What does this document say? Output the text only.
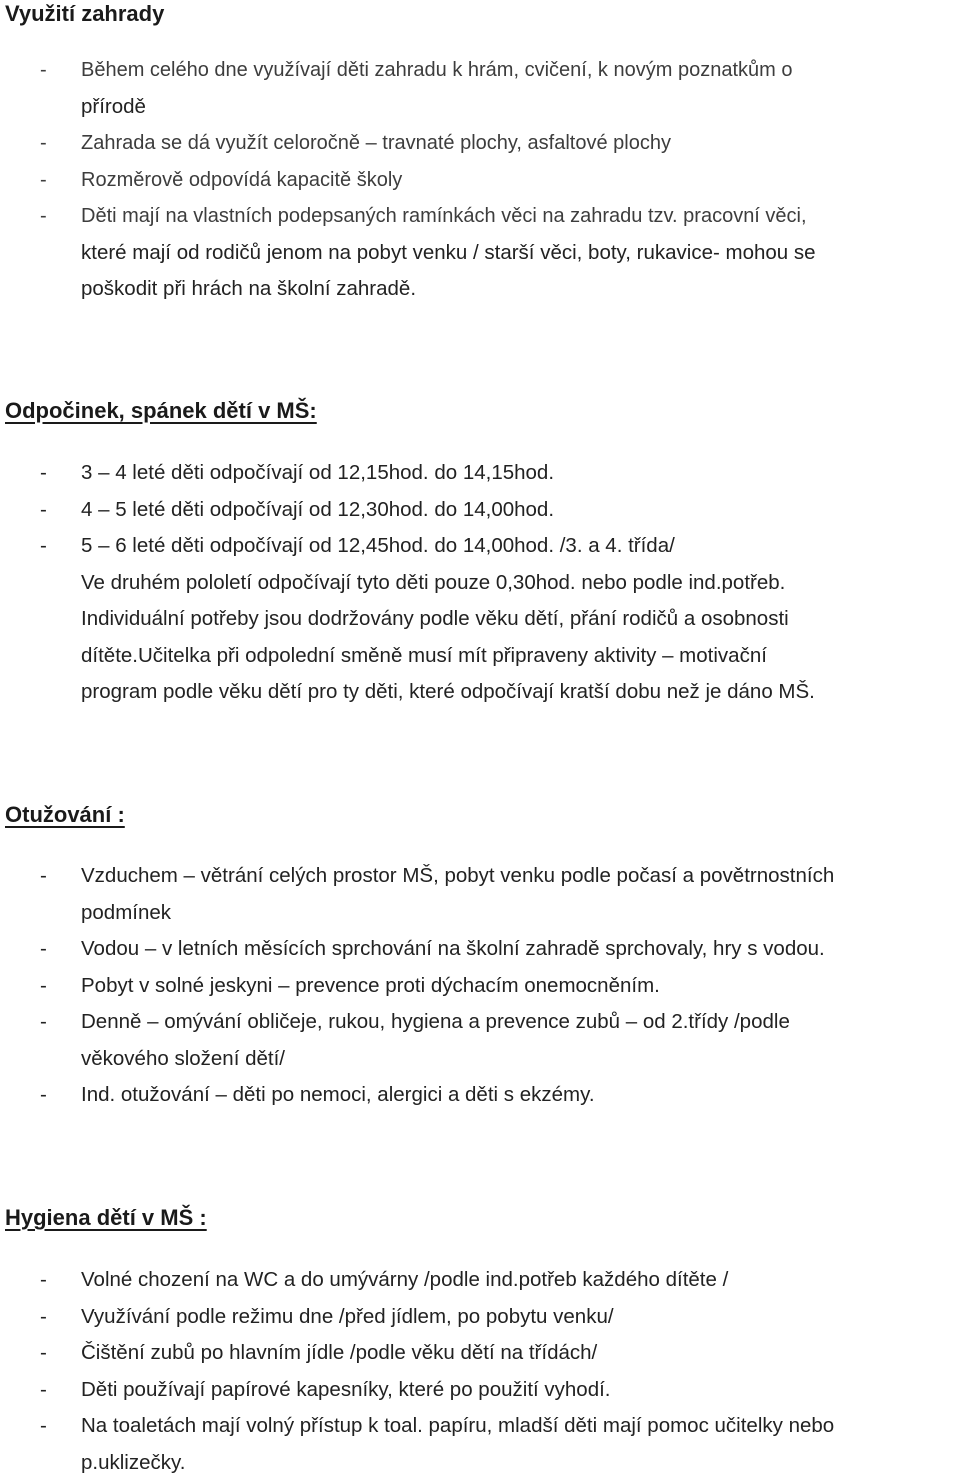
Využití zahrady
- Během celého dne využívají děti zahradu k hrám, cvičení, k novým poznatkům o
přírodě
- Zahrada se dá využít celoročně – travnaté plochy, asfaltové plochy
- Rozměrově odpovídá kapacitě školy
- Děti mají na vlastních podepsaných ramínkách věci na zahradu tzv. pracovní věci,
které mají od rodičů jenom na pobyt venku / starší věci, boty, rukavice- mohou se
poškodit při hrách na školní zahradě.
Odpočinek, spánek dětí v MŠ:
- 3 – 4 leté děti odpočívají od 12,15hod. do 14,15hod.
- 4 – 5 leté děti odpočívají od 12,30hod. do 14,00hod.
- 5 – 6 leté děti odpočívají od 12,45hod. do 14,00hod. /3. a 4. třída/
Ve druhém pololetí odpočívají tyto děti pouze 0,30hod. nebo podle ind.potřeb.
Individuální potřeby jsou dodržovány podle věku dětí, přání rodičů a osobnosti
dítěte.Učitelka při odpolední směně musí mít připraveny aktivity – motivační
program podle věku dětí pro ty děti, které odpočívají kratší dobu než je dáno MŠ.
Otužování :
- Vzduchem – větrání celých prostor MŠ, pobyt venku podle počasí a povětrnostních
podmínek
- Vodou – v letních měsících sprchování na školní zahradě sprchovaly, hry s vodou.
- Pobyt v solné jeskyni – prevence proti dýchacím onemocněním.
- Denně – omývání obličeje, rukou, hygiena a prevence zubů – od 2.třídy /podle
věkového složení dětí/
- Ind. otužování – děti po nemoci, alergici a děti s ekzémy.
Hygiena dětí v MŠ :
- Volné chození na WC a do umývárny /podle ind.potřeb každého dítěte /
- Využívání podle režimu dne /před jídlem, po pobytu venku/
- Čištění zubů po hlavním jídle /podle věku dětí na třídách/
- Děti používají papírové kapesníky, které po použití vyhodí.
- Na toaletách mají volný přístup k toal. papíru, mladší děti mají pomoc učitelky nebo
p.uklizečky.
